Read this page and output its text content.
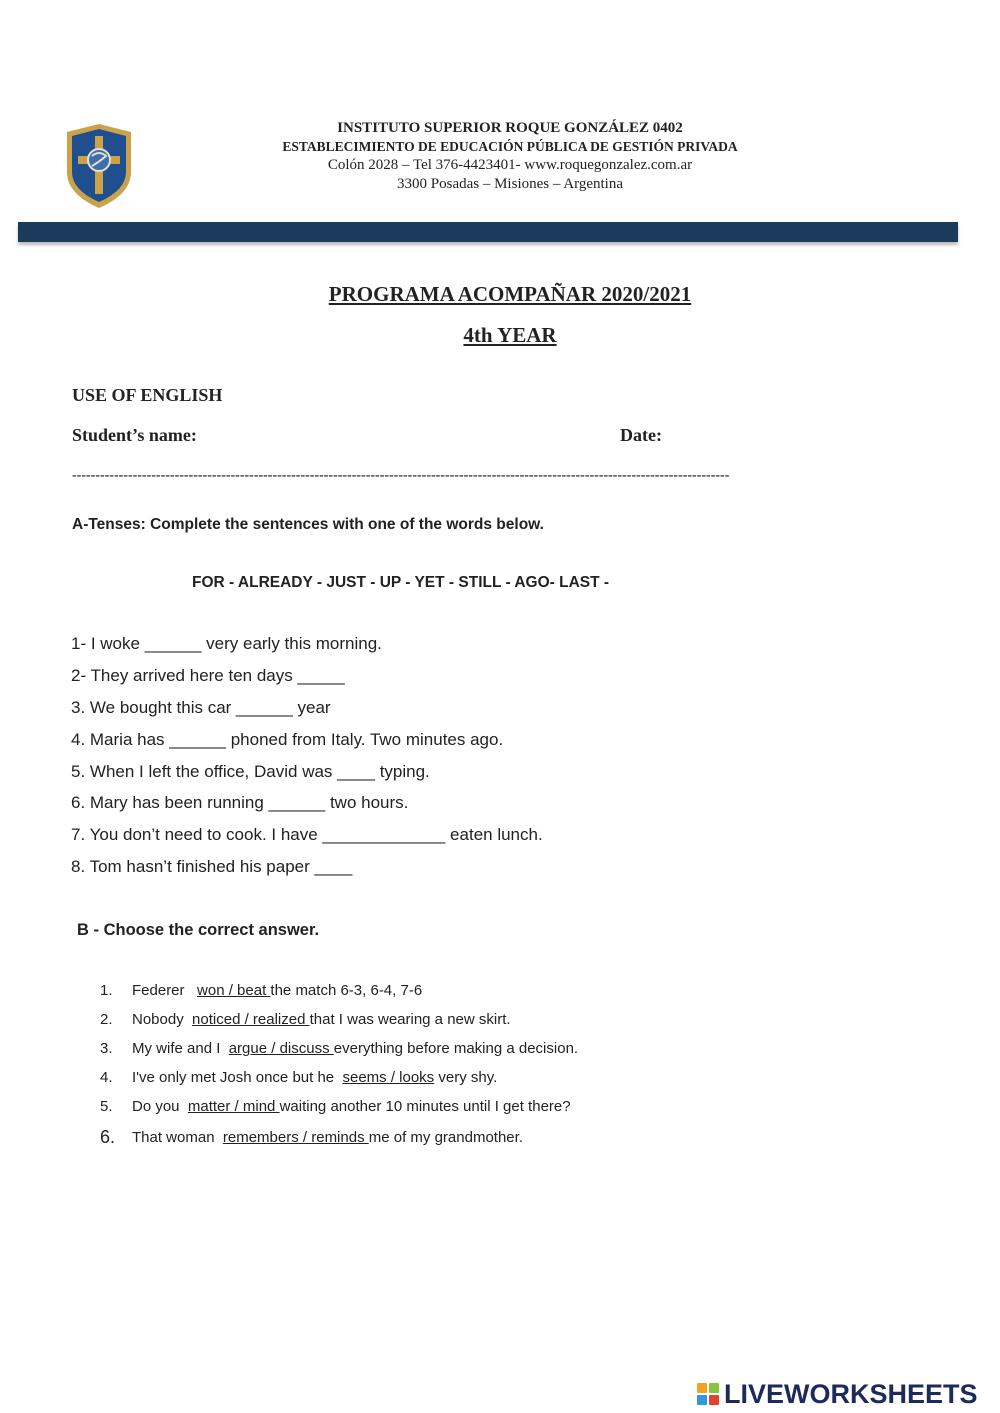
INSTITUTO SUPERIOR ROQUE GONZÁLEZ 0402
ESTABLECIMIENTO DE EDUCACIÓN PÚBLICA DE GESTIÓN PRIVADA
Colón 2028 – Tel 376-4423401- www.roquegonzalez.com.ar
3300 Posadas – Misiones – Argentina
PROGRAMA ACOMPAÑAR 2020/2021
4th YEAR
USE OF ENGLISH
Student’s name:	Date:
---------------------------------------------------------------------------------------------------------------------------------------------
A-Tenses: Complete the sentences with one of the words below.
FOR - ALREADY - JUST - UP - YET - STILL - AGO- LAST -
1- I woke ______ very early this morning.
2- They arrived here ten days _____
3. We bought this car ______ year
4. Maria has ______ phoned from Italy. Two minutes ago.
5. When I left the office, David was ____ typing.
6. Mary has been running ______ two hours.
7. You don’t need to cook. I have _____________ eaten lunch.
8. Tom hasn’t finished his paper ____
B - Choose the correct answer.
1. Federer   won / beat the match 6-3, 6-4, 7-6
2. Nobody  noticed / realized that I was wearing a new skirt.
3. My wife and I  argue / discuss everything before making a decision.
4. I've only met Josh once but he  seems / looks very shy.
5. Do you  matter / mind waiting another 10 minutes until I get there?
6. That woman  remembers / reminds me of my grandmother.
LIVEWORKSHEETS
